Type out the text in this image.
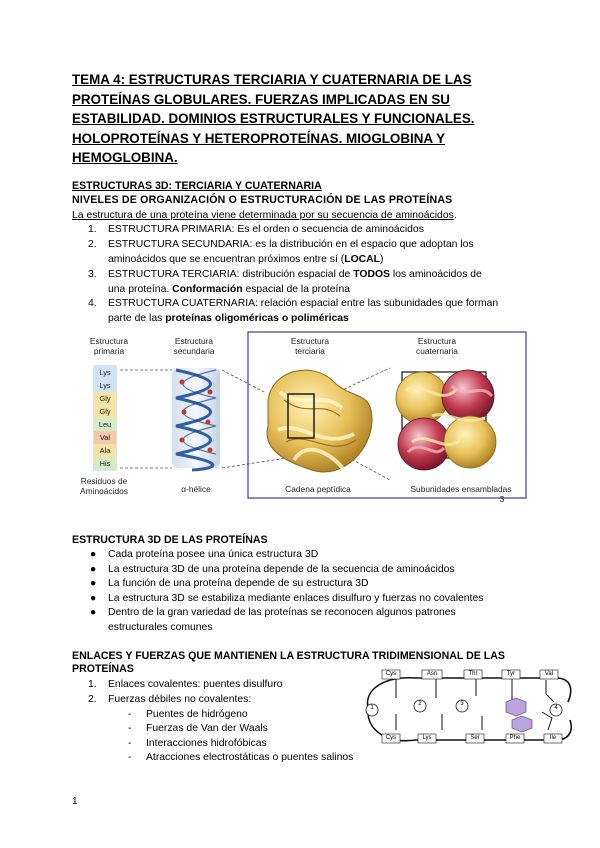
TEMA 4: ESTRUCTURAS TERCIARIA Y CUATERNARIA DE LAS PROTEÍNAS GLOBULARES. FUERZAS IMPLICADAS EN SU ESTABILIDAD. DOMINIOS ESTRUCTURALES Y FUNCIONALES. HOLOPROTEÍNAS Y HETEROPROTEÍNAS. MIOGLOBINA Y HEMOGLOBINA.
ESTRUCTURAS 3D: TERCIARIA Y CUATERNARIA
NIVELES DE ORGANIZACIÓN O ESTRUCTURACIÓN DE LAS PROTEÍNAS
La estructura de una proteína viene determinada por su secuencia de aminoácidos.
1. ESTRUCTURA PRIMARIA: Es el orden o secuencia de aminoácidos
2. ESTRUCTURA SECUNDARIA: es la distribución en el espacio que adoptan los
aminoácidos que se encuentran próximos entre sí (LOCAL)
3. ESTRUCTURA TERCIARIA: distribución espacial de TODOS los aminoácidos de
una proteína. Conformación espacial de la proteína
4. ESTRUCTURA CUATERNARIA: relación espacial entre las subunidades que forman
parte de las proteínas oligoméricas o poliméricas
Lys
Lys
Gly
Gly
Leu
Val
Ala
His
Estructura primaria
Estructura secundaria
Estructura terciaria
Estructura cuaternaria
Residuos de Aminoácidos	α-hélice	Cadena peptídica	Subunidades ensambladas
3
ESTRUCTURA 3D DE LAS PROTEÍNAS
● Cada proteína posee una única estructura 3D
● La estructura 3D de una proteína depende de la secuencia de aminoácidos
● La función de una proteína depende de su estructura 3D
● La estructura 3D se estabiliza mediante enlaces disulfuro y fuerzas no covalentes
● Dentro de la gran variedad de las proteínas se reconocen algunos patrones
estructurales comunes
ENLACES Y FUERZAS QUE MANTIENEN LA ESTRUCTURA TRIDIMENSIONAL DE LAS
PROTEÍNAS
1. Enlaces covalentes: puentes disulfuro
2. Fuerzas débiles no covalentes:
- Puentes de hidrógeno
- Fuerzas de Van der Waals
- Interacciones hidrofóbicas
- Atracciones electrostáticas o puentes salinos
Cys	Asn	Thr	Tyr	Val
Cys	Lys	Ser	Phe	Ile
1
2	3
4
1
